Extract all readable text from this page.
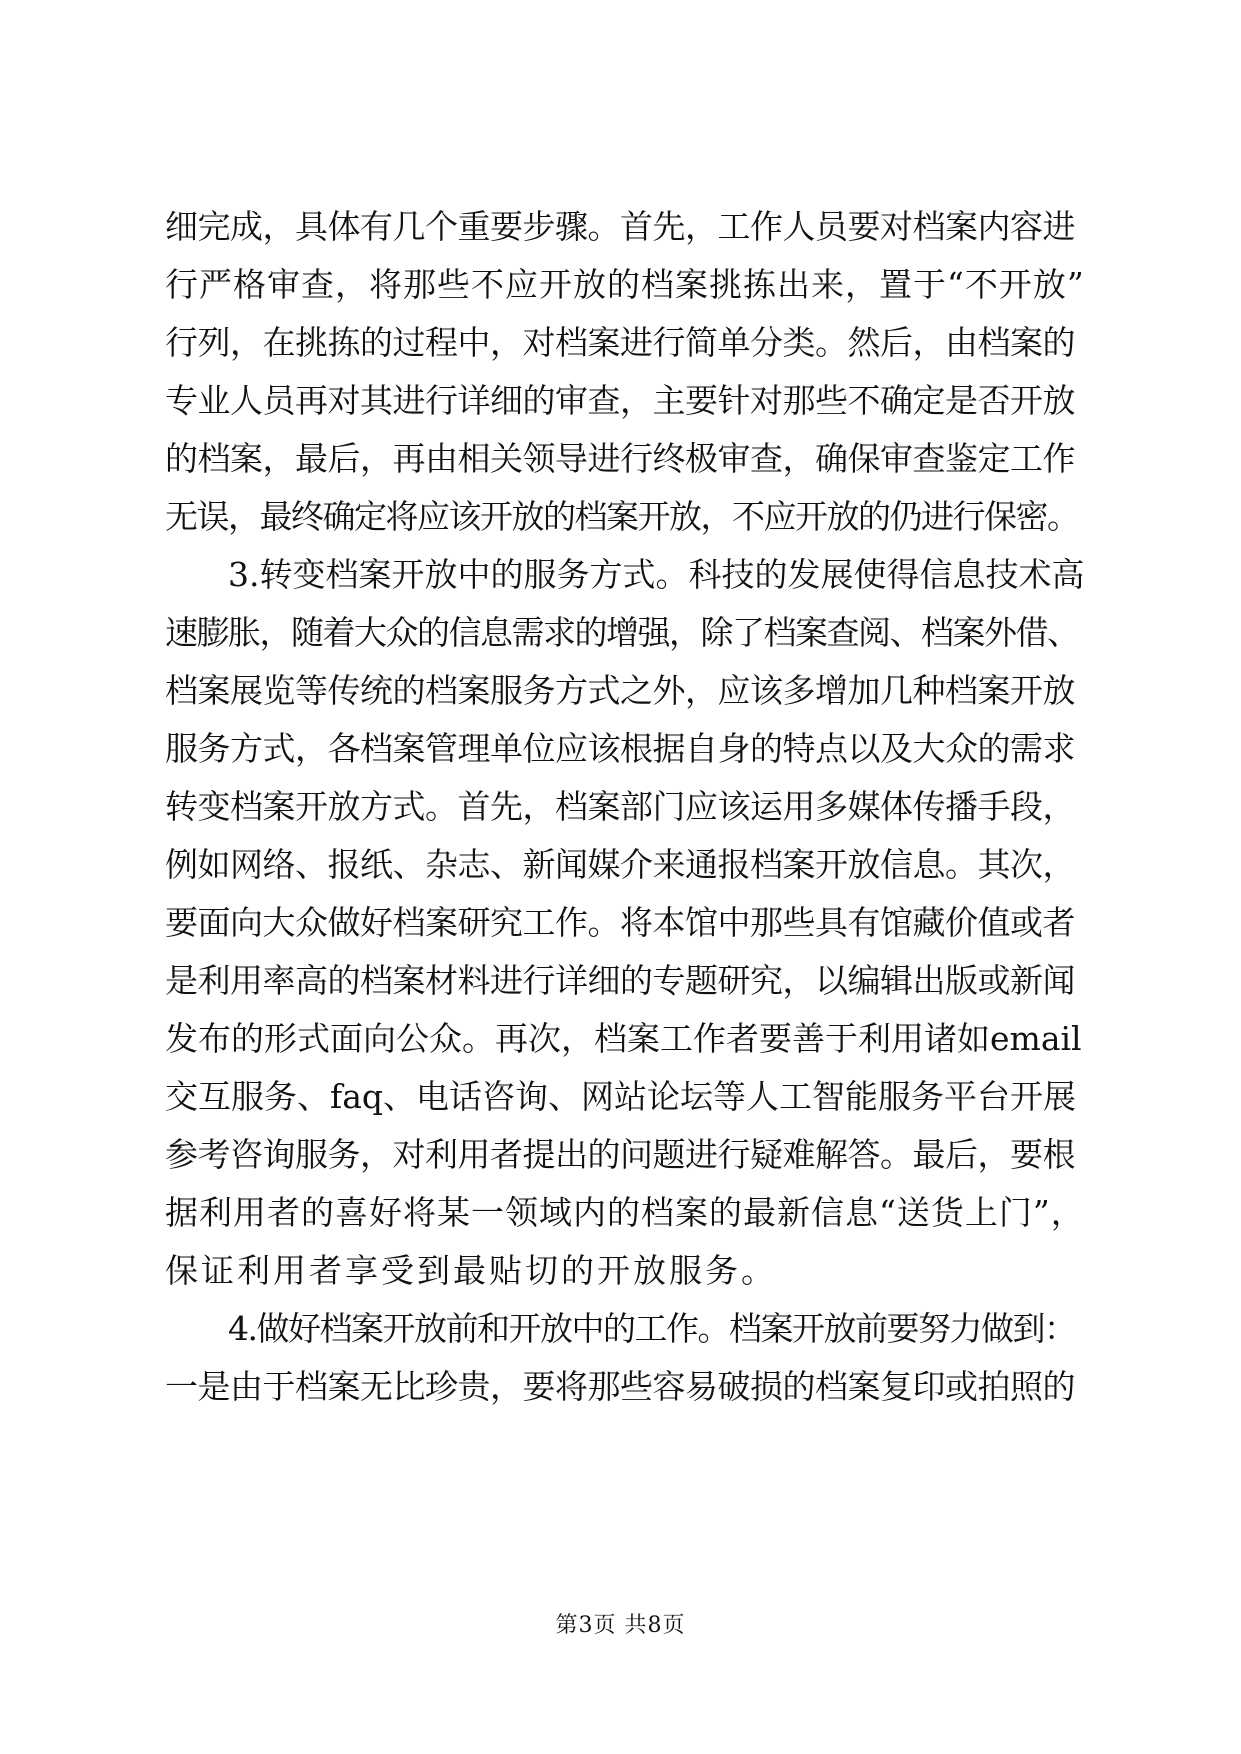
细完成，具体有几个重要步骤。首先，工作人员要对档案内容进
行严格审查，将那些不应开放的档案挑拣出来，置于“不开放”
行列，在挑拣的过程中，对档案进行简单分类。然后，由档案的
专业人员再对其进行详细的审查，主要针对那些不确定是否开放
的档案，最后，再由相关领导进行终极审查，确保审查鉴定工作
无误，最终确定将应该开放的档案开放，不应开放的仍进行保密。
3.转变档案开放中的服务方式。科技的发展使得信息技术高
速膨胀，随着大众的信息需求的增强，除了档案查阅、档案外借、
档案展览等传统的档案服务方式之外，应该多增加几种档案开放
服务方式，各档案管理单位应该根据自身的特点以及大众的需求
转变档案开放方式。首先，档案部门应该运用多媒体传播手段，
例如网络、报纸、杂志、新闻媒介来通报档案开放信息。其次，
要面向大众做好档案研究工作。将本馆中那些具有馆藏价值或者
是利用率高的档案材料进行详细的专题研究，以编辑出版或新闻
发布的形式面向公众。再次，档案工作者要善于利用诸如email
交互服务、faq、电话咨询、网站论坛等人工智能服务平台开展
参考咨询服务，对利用者提出的问题进行疑难解答。最后，要根
据利用者的喜好将某一领域内的档案的最新信息“送货上门”，
保证利用者享受到最贴切的开放服务。
4.做好档案开放前和开放中的工作。档案开放前要努力做到：
一是由于档案无比珍贵，要将那些容易破损的档案复印或拍照的
第3页 共8页
